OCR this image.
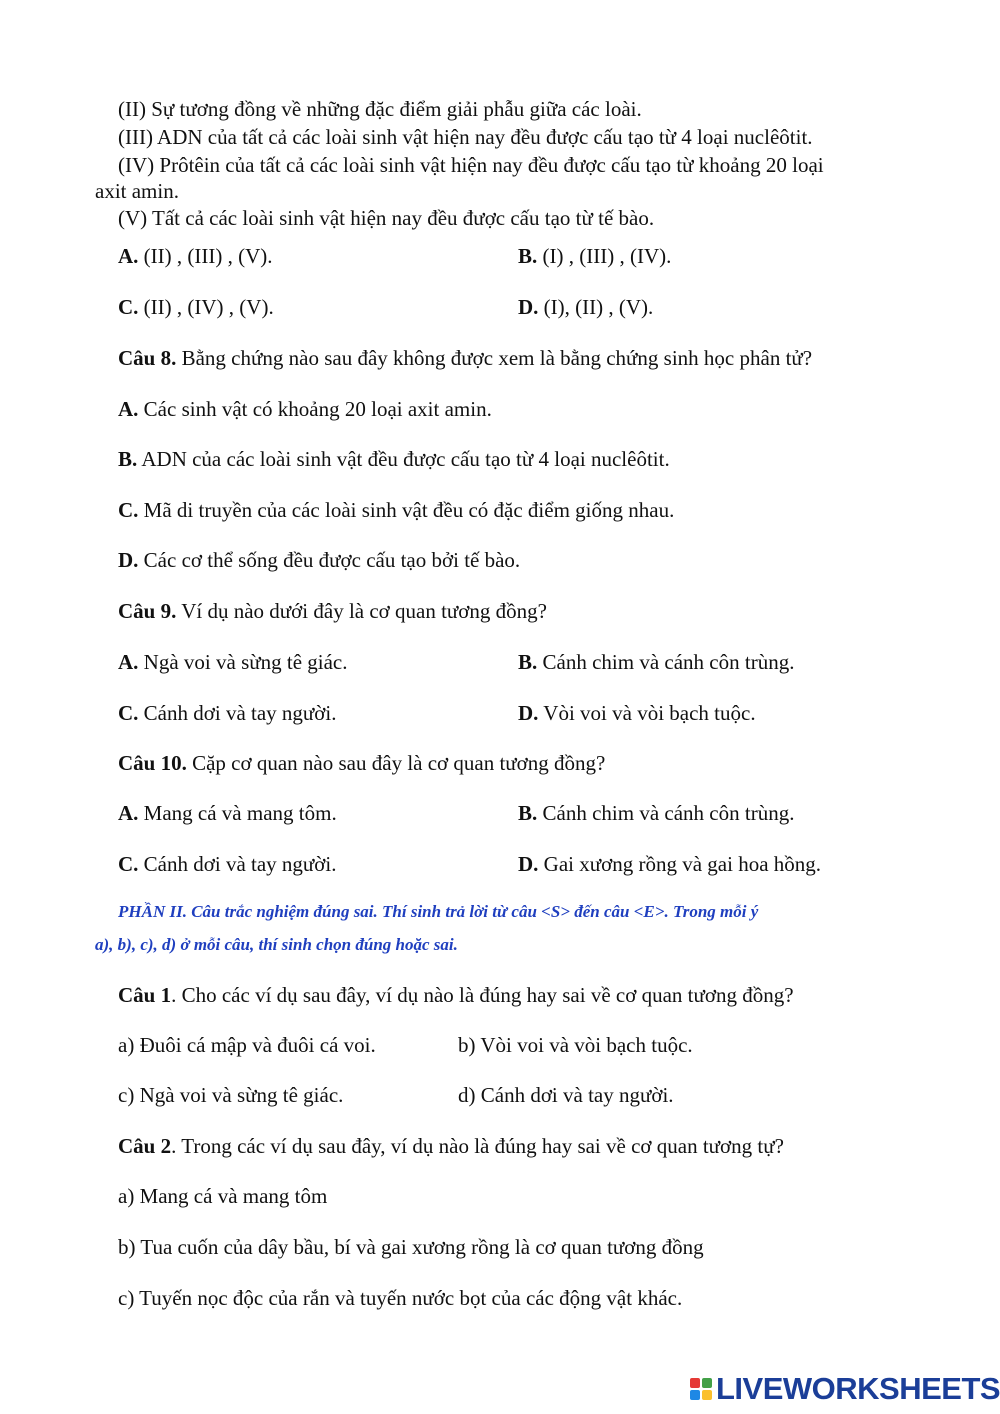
(II) Sự tương đồng về những đặc điểm giải phẫu giữa các loài.
(III) ADN của tất cả các loài sinh vật hiện nay đều được cấu tạo từ 4 loại nuclêôtit.
(IV) Prôtêin của tất cả các loài sinh vật hiện nay đều được cấu tạo từ khoảng 20 loại
axit amin.
(V) Tất cả các loài sinh vật hiện nay đều được cấu tạo từ tế bào.
A. (II) , (III) , (V).	B. (I) , (III) , (IV).
C. (II) , (IV) , (V).	D. (I), (II) , (V).
Câu 8. Bằng chứng nào sau đây không được xem là bằng chứng sinh học phân tử?
A. Các sinh vật có khoảng 20 loại axit amin.
B. ADN của các loài sinh vật đều được cấu tạo từ 4 loại nuclêôtit.
C. Mã di truyền của các loài sinh vật đều có đặc điểm giống nhau.
D. Các cơ thể sống đều được cấu tạo bởi tế bào.
Câu 9. Ví dụ nào dưới đây là cơ quan tương đồng?
A. Ngà voi và sừng tê giác.	B. Cánh chim và cánh côn trùng.
C. Cánh dơi và tay người.	D. Vòi voi và vòi bạch tuộc.
Câu 10. Cặp cơ quan nào sau đây là cơ quan tương đồng?
A. Mang cá và mang tôm.	B. Cánh chim và cánh côn trùng.
C. Cánh dơi và tay người.	D. Gai xương rồng và gai hoa hồng.
PHẦN II. Câu trắc nghiệm đúng sai. Thí sinh trả lời từ câu <S> đến câu <E>. Trong mỗi ý
a), b), c), d) ở mỗi câu, thí sinh chọn đúng hoặc sai.
Câu 1. Cho các ví dụ sau đây, ví dụ nào là đúng hay sai về cơ quan tương đồng?
a) Đuôi cá mập và đuôi cá voi.	b) Vòi voi và vòi bạch tuộc.
c) Ngà voi và sừng tê giác.	d) Cánh dơi và tay người.
Câu 2. Trong các ví dụ sau đây, ví dụ nào là đúng hay sai về cơ quan tương tự?
a) Mang cá và mang tôm
b) Tua cuốn của dây bầu, bí và gai xương rồng là cơ quan tương đồng
c) Tuyến nọc độc của rắn và tuyến nước bọt của các động vật khác.
LIVEWORKSHEETS
